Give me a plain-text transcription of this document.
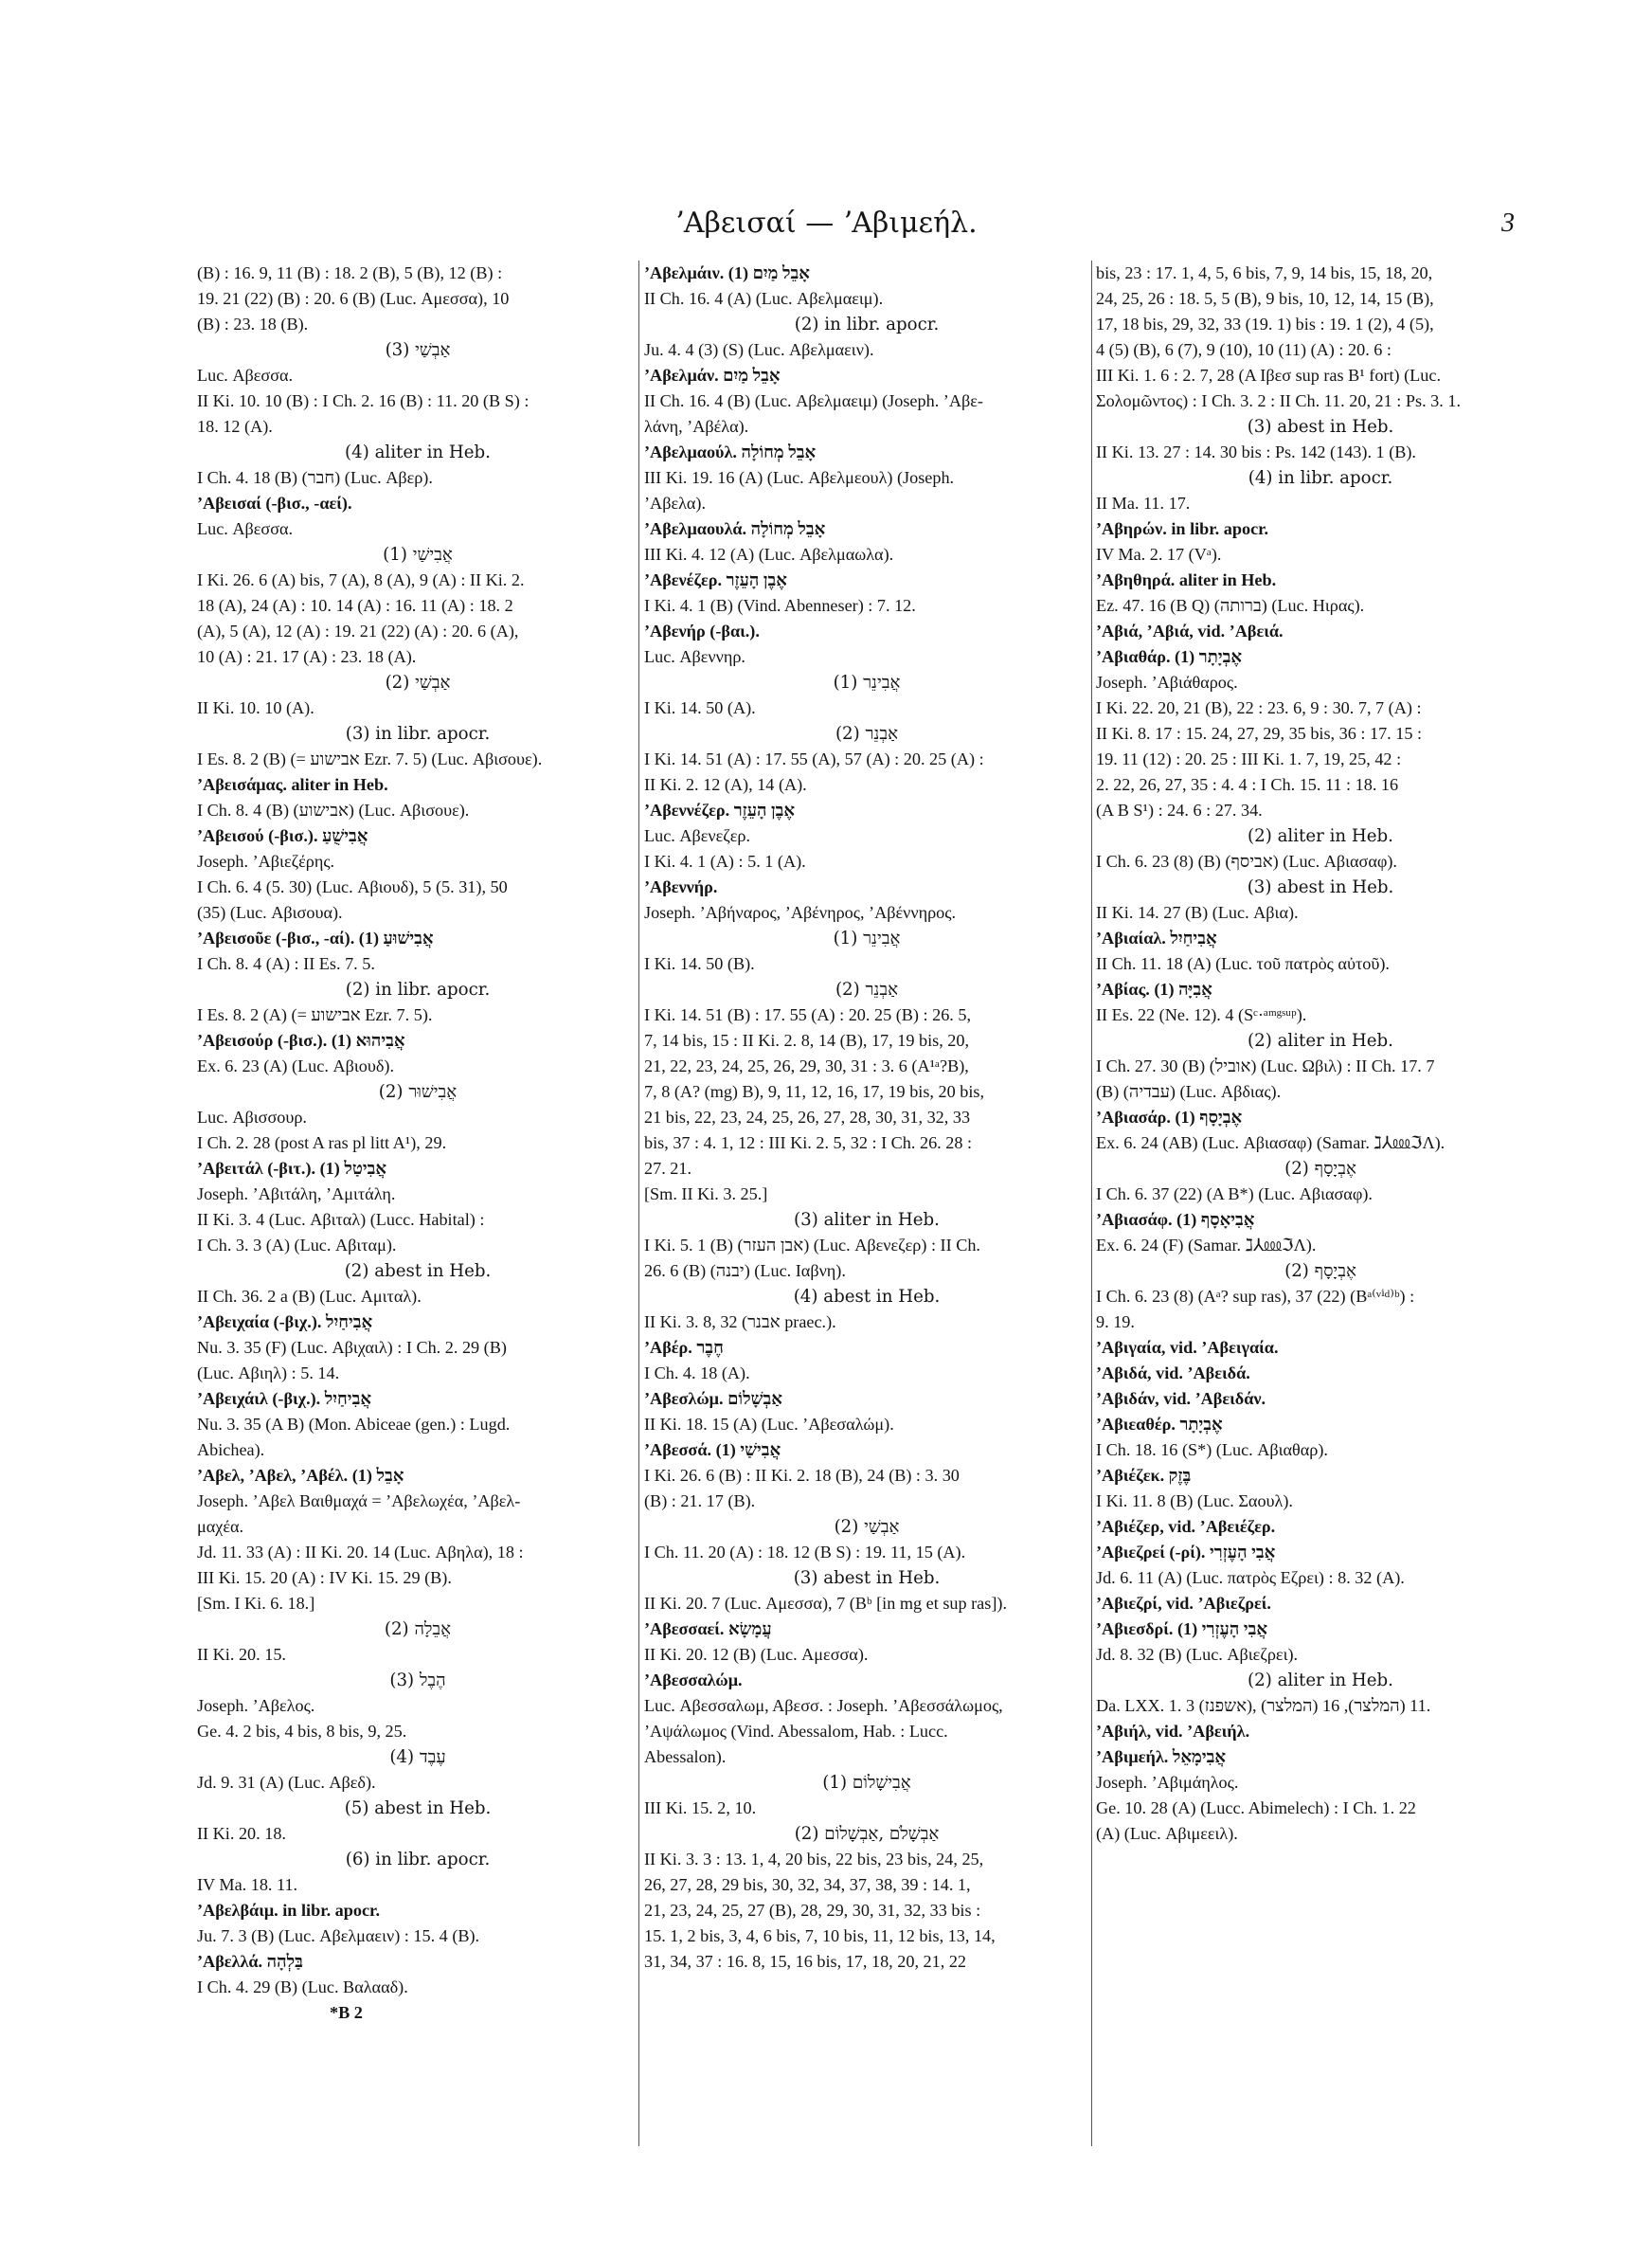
ʼΑβεισαί — ʼΑβιμεήλ.	3
(B) : 16. 9, 11 (B) : 18. 2 (B), 5 (B), 12 (B) :
19. 21 (22) (B) : 20. 6 (B) (Luc. Αμεσσα), 10
(B) : 23. 18 (B).
(3) אַבְשַׁי
Luc. Αβεσσα.
II Ki. 10. 10 (B) : I Ch. 2. 16 (B) : 11. 20 (B S) :
18. 12 (A).
(4) aliter in Heb.
I Ch. 4. 18 (B) (חבר) (Luc. Αβερ).
ʼΑβεισαί (-βισ., -αεί).
Luc. Αβεσσα.
(1) אֲבִישַׁי
I Ki. 26. 6 (A) bis, 7 (A), 8 (A), 9 (A) : II Ki. 2.
18 (A), 24 (A) : 10. 14 (A) : 16. 11 (A) : 18. 2
(A), 5 (A), 12 (A) : 19. 21 (22) (A) : 20. 6 (A),
10 (A) : 21. 17 (A) : 23. 18 (A).
(2) אַבְשַׁי
II Ki. 10. 10 (A).
(3) in libr. apocr.
I Es. 8. 2 (B) (= אבישוע Ezr. 7. 5) (Luc. Αβισουε).
ʼΑβεισάμας. aliter in Heb.
I Ch. 8. 4 (B) (אבישוע) (Luc. Αβισουε).
ʼΑβεισού (-βισ.). אֲבִישֻׁעַ
Joseph. ʼΑβιεζέρης.
I Ch. 6. 4 (5. 30) (Luc. Αβιουδ), 5 (5. 31), 50
(35) (Luc. Αβισουα).
ʼΑβεισοῦε (-βισ., -αί). (1) אֲבִישׁוּעַ
I Ch. 8. 4 (A) : II Es. 7. 5.
(2) in libr. apocr.
I Es. 8. 2 (A) (= אבישוע Ezr. 7. 5).
ʼΑβεισούρ (-βισ.). (1) אֲבִיהוּא
Ex. 6. 23 (A) (Luc. Αβιουδ).
(2) אֲבִישׁוּר
Luc. Αβισσουρ.
I Ch. 2. 28 (post A ras pl litt A¹), 29.
ʼΑβειτάλ (-βιτ.). (1) אֲבִיטַל
Joseph. ʼΑβιτάλη, ʼΑμιτάλη.
II Ki. 3. 4 (Luc. Αβιταλ) (Lucc. Habital) :
I Ch. 3. 3 (A) (Luc. Αβιταμ).
(2) abest in Heb.
II Ch. 36. 2 a (B) (Luc. Αμιταλ).
ʼΑβειχαία (-βιχ.). אֲבִיחַיִל
Nu. 3. 35 (F) (Luc. Αβιχαιλ) : I Ch. 2. 29 (B)
(Luc. Αβιηλ) : 5. 14.
ʼΑβειχάιλ (-βιχ.). אֲבִיחַיִל
Nu. 3. 35 (A B) (Mon. Abiceae (gen.) : Lugd.
Abichea).
ʼΑβελ, ʼΑβελ, ʼΑβέλ. (1) אָבֵל
Joseph. ʼΑβελ Βαιθμαχά = ʼΑβελωχέα, ʼΑβελ-
μαχέα.
Jd. 11. 33 (A) : II Ki. 20. 14 (Luc. Αβηλα), 18 :
III Ki. 15. 20 (A) : IV Ki. 15. 29 (B).
[Sm. I Ki. 6. 18.]
(2) אֲבֵלָה
II Ki. 20. 15.
(3) הֶבֶל
Joseph. ʼΑβελος.
Ge. 4. 2 bis, 4 bis, 8 bis, 9, 25.
(4) עֶבֶד
Jd. 9. 31 (A) (Luc. Αβεδ).
(5) abest in Heb.
II Ki. 20. 18.
(6) in libr. apocr.
IV Ma. 18. 11.
ʼΑβελβάιμ. in libr. apocr.
Ju. 7. 3 (B) (Luc. Αβελμαειν) : 15. 4 (B).
ʼΑβελλά. בַּלְהָה
I Ch. 4. 29 (B) (Luc. Βαλααδ).
*B 2
ʼΑβελμάιν. (1) אָבֵל מַיִם
II Ch. 16. 4 (A) (Luc. Αβελμαειμ).
(2) in libr. apocr.
Ju. 4. 4 (3) (S) (Luc. Αβελμαειν).
ʼΑβελμάν. אָבֵל מַיִם
II Ch. 16. 4 (B) (Luc. Αβελμαειμ) (Joseph. ʼΑβε-
λάνη, ʼΑβέλα).
ʼΑβελμαούλ. אָבֵל מְחוֹלָה
III Ki. 19. 16 (A) (Luc. Αβελμεουλ) (Joseph.
ʼΑβελα).
ʼΑβελμαουλά. אָבֵל מְחוֹלָה
III Ki. 4. 12 (A) (Luc. Αβελμαωλα).
ʼΑβενέζερ. אֶבֶן הָעֵזֶר
I Ki. 4. 1 (B) (Vind. Abenneser) : 7. 12.
ʼΑβενήρ (-βαι.).
Luc. Αβεννηρ.
(1) אֲבִינֵר
I Ki. 14. 50 (A).
(2) אַבְנֵר
I Ki. 14. 51 (A) : 17. 55 (A), 57 (A) : 20. 25 (A) :
II Ki. 2. 12 (A), 14 (A).
ʼΑβεννέζερ. אֶבֶן הָעֵזֶר
Luc. Αβενεζερ.
I Ki. 4. 1 (A) : 5. 1 (A).
ʼΑβεννήρ.
Joseph. ʼΑβήναρος, ʼΑβένηρος, ʼΑβέννηρος.
(1) אֲבִינֵר
I Ki. 14. 50 (B).
(2) אַבְנֵר
I Ki. 14. 51 (B) : 17. 55 (A) : 20. 25 (B) : 26. 5,
7, 14 bis, 15 : II Ki. 2. 8, 14 (B), 17, 19 bis, 20,
21, 22, 23, 24, 25, 26, 29, 30, 31 : 3. 6 (A¹ᵃ?B),
7, 8 (A? (mg) B), 9, 11, 12, 16, 17, 19 bis, 20 bis,
21 bis, 22, 23, 24, 25, 26, 27, 28, 30, 31, 32, 33
bis, 37 : 4. 1, 12 : III Ki. 2. 5, 32 : I Ch. 26. 28 :
27. 21.
[Sm. II Ki. 3. 25.]
(3) aliter in Heb.
I Ki. 5. 1 (B) (אבן העזר) (Luc. Αβενεζερ) : II Ch.
26. 6 (B) (יבנה) (Luc. Ιαβνη).
(4) abest in Heb.
II Ki. 3. 8, 32 (אבנר praec.).
ʼΑβέρ. חֶבֶר
I Ch. 4. 18 (A).
ʼΑβεσλώμ. אַבְשָׁלוֹם
II Ki. 18. 15 (A) (Luc. ʼΑβεσαλώμ).
ʼΑβεσσά. (1) אֲבִישַׁי
I Ki. 26. 6 (B) : II Ki. 2. 18 (B), 24 (B) : 3. 30
(B) : 21. 17 (B).
(2) אַבְשַׁי
I Ch. 11. 20 (A) : 18. 12 (B S) : 19. 11, 15 (A).
(3) abest in Heb.
II Ki. 20. 7 (Luc. Αμεσσα), 7 (Bᵇ [in mg et sup ras]).
ʼΑβεσσαεί. עֲמָשָׂא
II Ki. 20. 12 (B) (Luc. Αμεσσα).
ʼΑβεσσαλώμ.
Luc. Αβεσσαλωμ, Αβεσσ. : Joseph. ʼΑβεσσάλωμος,
ʼΑψάλωμος (Vind. Abessalom, Hab. : Lucc.
Abessalon).
(1) אֲבִישָׁלוֹם
III Ki. 15. 2, 10.
(2) אַבְשָׁלֹם ,אַבְשָׁלוֹם
II Ki. 3. 3 : 13. 1, 4, 20 bis, 22 bis, 23 bis, 24, 25,
26, 27, 28, 29 bis, 30, 32, 34, 37, 38, 39 : 14. 1,
21, 23, 24, 25, 27 (B), 28, 29, 30, 31, 32, 33 bis :
15. 1, 2 bis, 3, 4, 6 bis, 7, 10 bis, 11, 12 bis, 13, 14,
31, 34, 37 : 16. 8, 15, 16 bis, 17, 18, 20, 21, 22
bis, 23 : 17. 1, 4, 5, 6 bis, 7, 9, 14 bis, 15, 18, 20,
24, 25, 26 : 18. 5, 5 (B), 9 bis, 10, 12, 14, 15 (B),
17, 18 bis, 29, 32, 33 (19. 1) bis : 19. 1 (2), 4 (5),
4 (5) (B), 6 (7), 9 (10), 10 (11) (A) : 20. 6 :
III Ki. 1. 6 : 2. 7, 28 (A Iβεσ sup ras B¹ fort) (Luc.
Σολομῶντος) : I Ch. 3. 2 : II Ch. 11. 20, 21 : Ps. 3. 1.
(3) abest in Heb.
II Ki. 13. 27 : 14. 30 bis : Ps. 142 (143). 1 (B).
(4) in libr. apocr.
II Ma. 11. 17.
ʼΑβηρών. in libr. apocr.
IV Ma. 2. 17 (Vᵃ).
ʼΑβηθηρά. aliter in Heb.
Ez. 47. 16 (B Q) (ברותה) (Luc. Ηιρας).
ʼΑβιά, ʼΑβιά, vid. ʼΑβειά.
ʼΑβιαθάρ. (1) אֶבְיָתָר
Joseph. ʼΑβιάθαρος.
I Ki. 22. 20, 21 (B), 22 : 23. 6, 9 : 30. 7, 7 (A) :
II Ki. 8. 17 : 15. 24, 27, 29, 35 bis, 36 : 17. 15 :
19. 11 (12) : 20. 25 : III Ki. 1. 7, 19, 25, 42 :
2. 22, 26, 27, 35 : 4. 4 : I Ch. 15. 11 : 18. 16
(A B S¹) : 24. 6 : 27. 34.
(2) aliter in Heb.
I Ch. 6. 23 (8) (B) (אביסף) (Luc. Αβιασαφ).
(3) abest in Heb.
II Ki. 14. 27 (B) (Luc. Αβια).
ʼΑβιαίαλ. אֲבִיחַיִל
II Ch. 11. 18 (A) (Luc. τοῦ πατρὸς αὐτοῦ).
ʼΑβίας. (1) אֲבִיָּה
II Es. 22 (Ne. 12). 4 (Sᶜ·ᵃᵐᵍˢᵘᵖ).
(2) aliter in Heb.
I Ch. 27. 30 (B) (אוביל) (Luc. Ωβιλ) : II Ch. 17. 7
(B) (עבדיה) (Luc. Αβδιας).
ʼΑβιασάρ. (1) אֶבְיָסָף
Ex. 6. 24 (AB) (Luc. Αβιασαφ) (Samar. ℷ⅄⅏ℑΛ).
(2) אֶבְיָסָף
I Ch. 6. 37 (22) (A B*) (Luc. Αβιασαφ).
ʼΑβιασάφ. (1) אֲבִיאָסָף
Ex. 6. 24 (F) (Samar. ℷ⅄⅏ℑΛ).
(2) אֶבְיָסָף
I Ch. 6. 23 (8) (Aᵃ? sup ras), 37 (22) (Bᵃ⁽ᵛⁱᵈ⁾ᵇ) :
9. 19.
ʼΑβιγαία, vid. ʼΑβειγαία.
ʼΑβιδά, vid. ʼΑβειδά.
ʼΑβιδάν, vid. ʼΑβειδάν.
ʼΑβιεαθέρ. אֶבְיָתָר
I Ch. 18. 16 (S*) (Luc. Αβιαθαρ).
ʼΑβιέζεκ. בֶּזֶק
I Ki. 11. 8 (B) (Luc. Σαουλ).
ʼΑβιέζερ, vid. ʼΑβειέζερ.
ʼΑβιεζρεί (-ρί). אֲבִי הָעֶזְרִי
Jd. 6. 11 (A) (Luc. πατρὸς Εζρει) : 8. 32 (A).
ʼΑβιεζρί, vid. ʼΑβιεζρεί.
ʼΑβιεσδρί. (1) אֲבִי הָעֶזְרִי
Jd. 8. 32 (B) (Luc. Αβιεζρει).
(2) aliter in Heb.
Da. LXX. 1. 3 (אשפנז), 11 (המלצר), 16 (המלצר).
ʼΑβιήλ, vid. ʼΑβειήλ.
ʼΑβιμεήλ. אֲבִימָאֵל
Joseph. ʼΑβιμάηλος.
Ge. 10. 28 (A) (Lucc. Abimelech) : I Ch. 1. 22
(A) (Luc. Αβιμεειλ).
